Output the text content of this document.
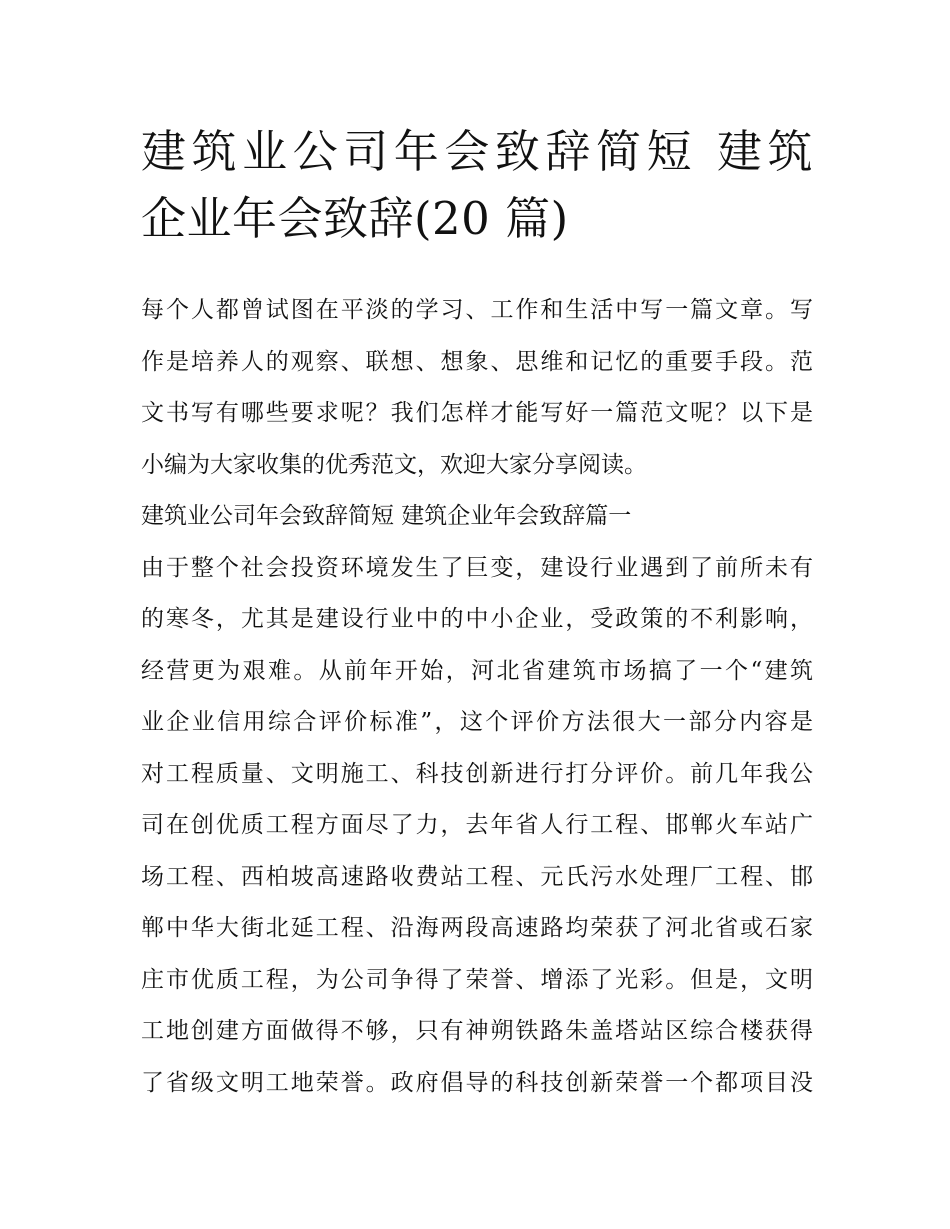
建筑业公司年会致辞简短 建筑
企业年会致辞(20 篇)
每个人都曾试图在平淡的学习、工作和生活中写一篇文章。写
作是培养人的观察、联想、想象、思维和记忆的重要手段。范
文书写有哪些要求呢？我们怎样才能写好一篇范文呢？以下是
小编为大家收集的优秀范文，欢迎大家分享阅读。
建筑业公司年会致辞简短 建筑企业年会致辞篇一
由于整个社会投资环境发生了巨变，建设行业遇到了前所未有
的寒冬，尤其是建设行业中的中小企业，受政策的不利影响，
经营更为艰难。从前年开始，河北省建筑市场搞了一个“建筑
业企业信用综合评价标准”，这个评价方法很大一部分内容是
对工程质量、文明施工、科技创新进行打分评价。前几年我公
司在创优质工程方面尽了力，去年省人行工程、邯郸火车站广
场工程、西柏坡高速路收费站工程、元氏污水处理厂工程、邯
郸中华大街北延工程、沿海两段高速路均荣获了河北省或石家
庄市优质工程，为公司争得了荣誉、增添了光彩。但是，文明
工地创建方面做得不够，只有神朔铁路朱盖塔站区综合楼获得
了省级文明工地荣誉。政府倡导的科技创新荣誉一个都项目没
